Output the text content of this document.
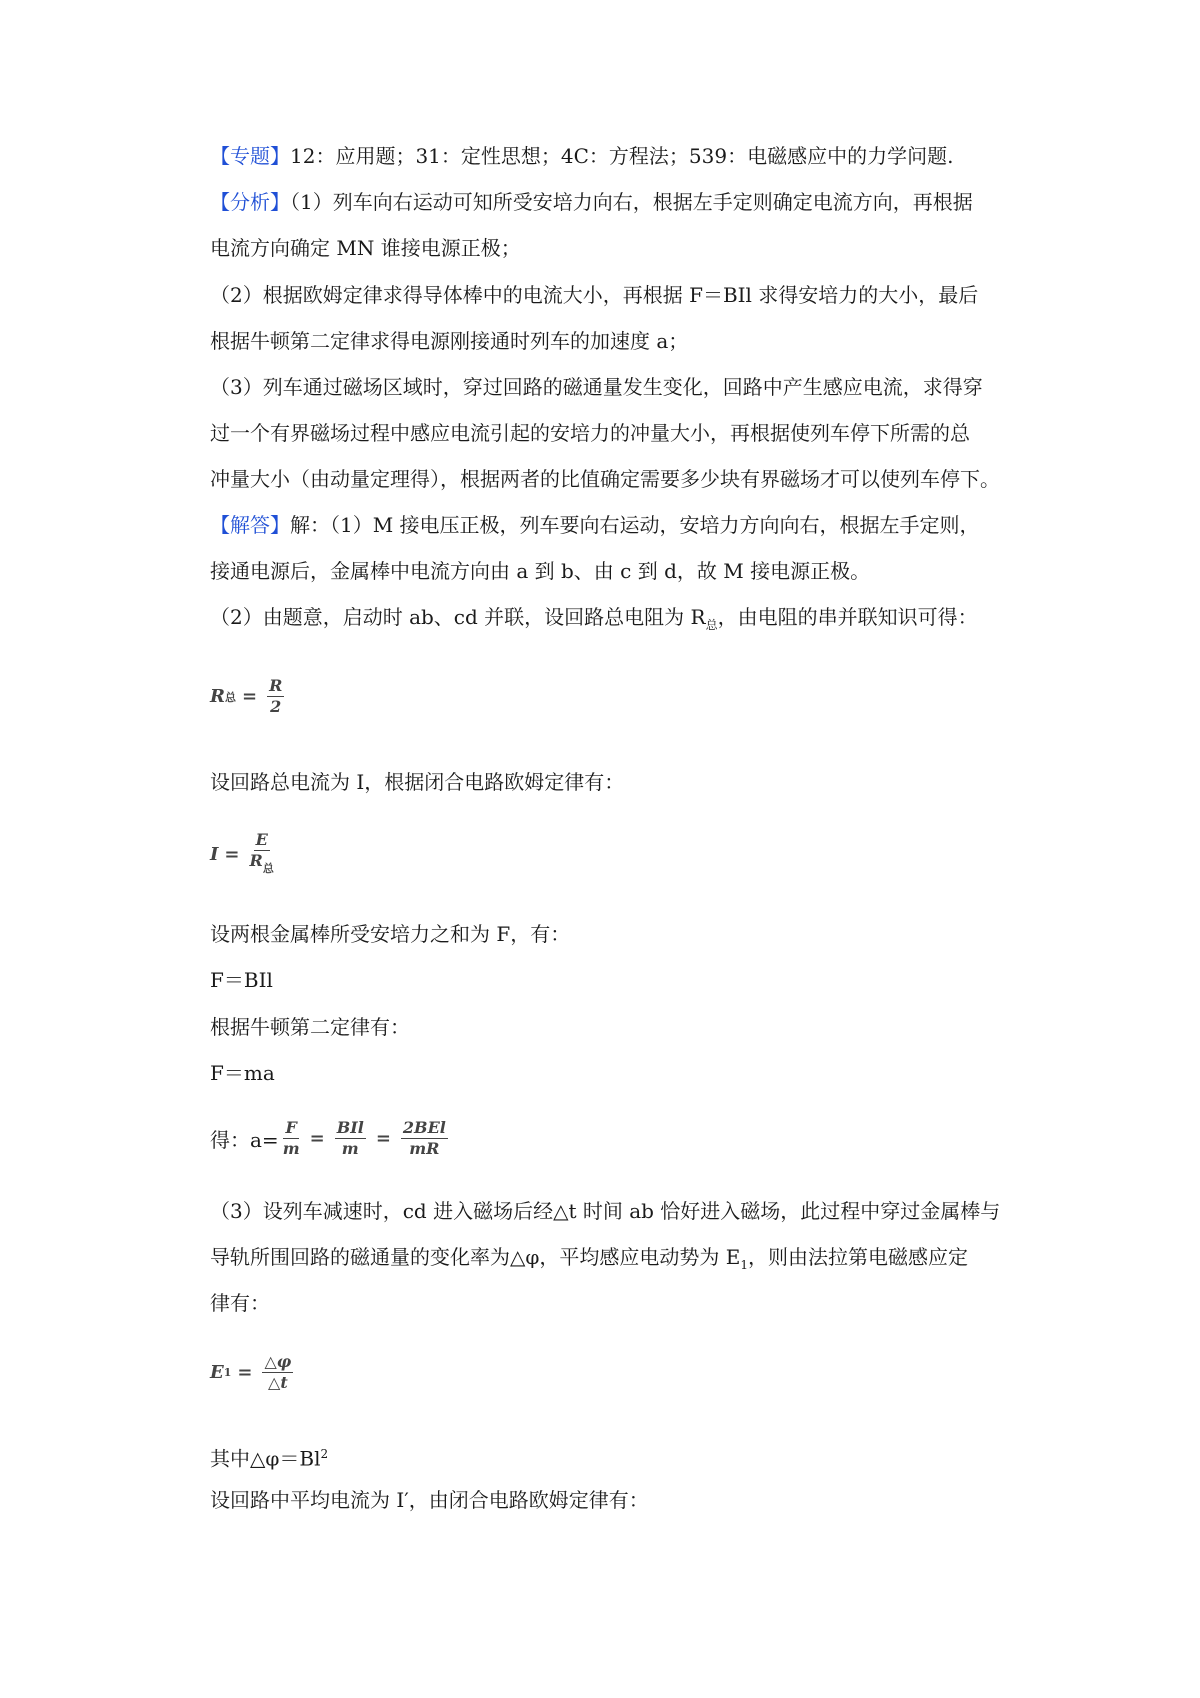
【专题】12：应用题；31：定性思想；4C：方程法；539：电磁感应中的力学问题.
【分析】（1）列车向右运动可知所受安培力向右，根据左手定则确定电流方向，再根据
电流方向确定 MN 谁接电源正极；
（2）根据欧姆定律求得导体棒中的电流大小，再根据 F＝BIl 求得安培力的大小，最后
根据牛顿第二定律求得电源刚接通时列车的加速度 a；
（3）列车通过磁场区域时，穿过回路的磁通量发生变化，回路中产生感应电流，求得穿
过一个有界磁场过程中感应电流引起的安培力的冲量大小，再根据使列车停下所需的总
冲量大小（由动量定理得），根据两者的比值确定需要多少块有界磁场才可以使列车停下。
【解答】解：（1）M 接电压正极，列车要向右运动，安培力方向向右，根据左手定则，
接通电源后，金属棒中电流方向由 a 到 b、由 c 到 d，故 M 接电源正极。
（2）由题意，启动时 ab、cd 并联，设回路总电阻为 $R_总$，由电阻的串并联知识可得：
R 总 = $\frac{R}{2}$
设回路总电流为 I，根据闭合电路欧姆定律有：
$I = \frac{E}{R_总}$
设两根金属棒所受安培力之和为 F，有：
F＝BIl
根据牛顿第二定律有：
F＝ma
得：$a= \frac{F}{m} = \frac{\text{BIl}}{m} = \frac{\text{2BEl}}{mR}$
（3）设列车减速时，cd 进入磁场后经△t 时间 ab 恰好进入磁场，此过程中穿过金属棒与
导轨所围回路的磁通量的变化率为△φ，平均感应电动势为 $E_1$，则由法拉第电磁感应定
律有：
E $1 = \frac{\triangle\varphi}{\triangle t}$
其中$\triangle\varphi=Bl^2$
设回路中平均电流为 I′，由闭合电路欧姆定律有：
